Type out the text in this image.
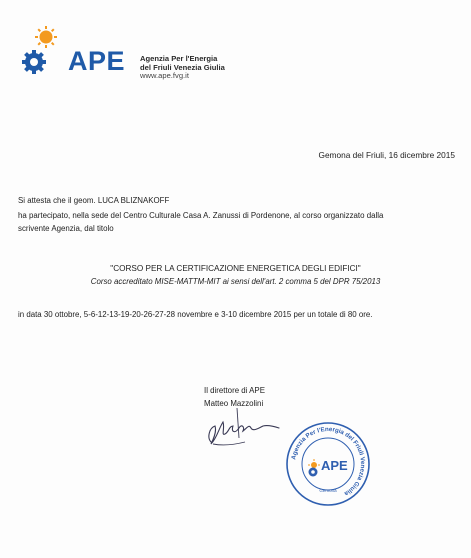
APE Agenzia Per l'Energia
del Friuli Venezia Giulia
www.ape.fvg.it
Gemona del Friuli, 16 dicembre 2015
Si attesta che il geom. LUCA BLIZNAKOFF
ha partecipato, nella sede del Centro Culturale Casa A. Zanussi di Pordenone, al corso organizzato dalla
scrivente Agenzia, dal titolo
"CORSO PER LA CERTIFICAZIONE ENERGETICA DEGLI EDIFICI"
Corso accreditato MISE-MATTM-MIT ai sensi dell'art. 2 comma 5 del DPR 75/2013
in data 30 ottobre, 5-6-12-13-19-20-26-27-28 novembre e 3-10 dicembre 2015 per un totale di 80 ore.
Il direttore di APE
Matteo Mazzolini
Agenzia Per l'Energia del Friuli Venezia Giulia
APE
Gemona
